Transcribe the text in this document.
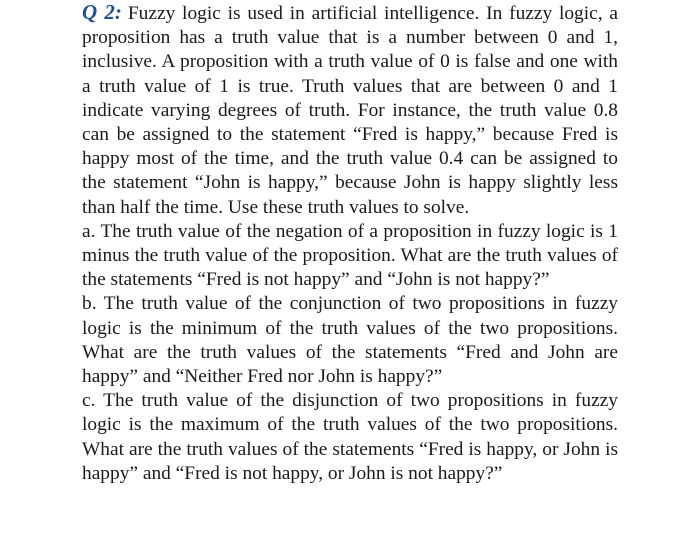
Q 2: Fuzzy logic is used in artificial intelligence. In fuzzy logic, a proposition has a truth value that is a number between 0 and 1, inclusive. A proposition with a truth value of 0 is false and one with a truth value of 1 is true. Truth values that are between 0 and 1 indicate varying degrees of truth. For instance, the truth value 0.8 can be assigned to the statement “Fred is happy,” because Fred is happy most of the time, and the truth value 0.4 can be assigned to the statement “John is happy,” because John is happy slightly less than half the time. Use these truth values to solve.

a. The truth value of the negation of a proposition in fuzzy logic is 1 minus the truth value of the proposition. What are the truth values of the statements “Fred is not happy” and “John is not happy?”

b. The truth value of the conjunction of two propositions in fuzzy logic is the minimum of the truth values of the two propositions. What are the truth values of the statements “Fred and John are happy” and “Neither Fred nor John is happy?”

c. The truth value of the disjunction of two propositions in fuzzy logic is the maximum of the truth values of the two propositions. What are the truth values of the statements “Fred is happy, or John is happy” and “Fred is not happy, or John is not happy?”
